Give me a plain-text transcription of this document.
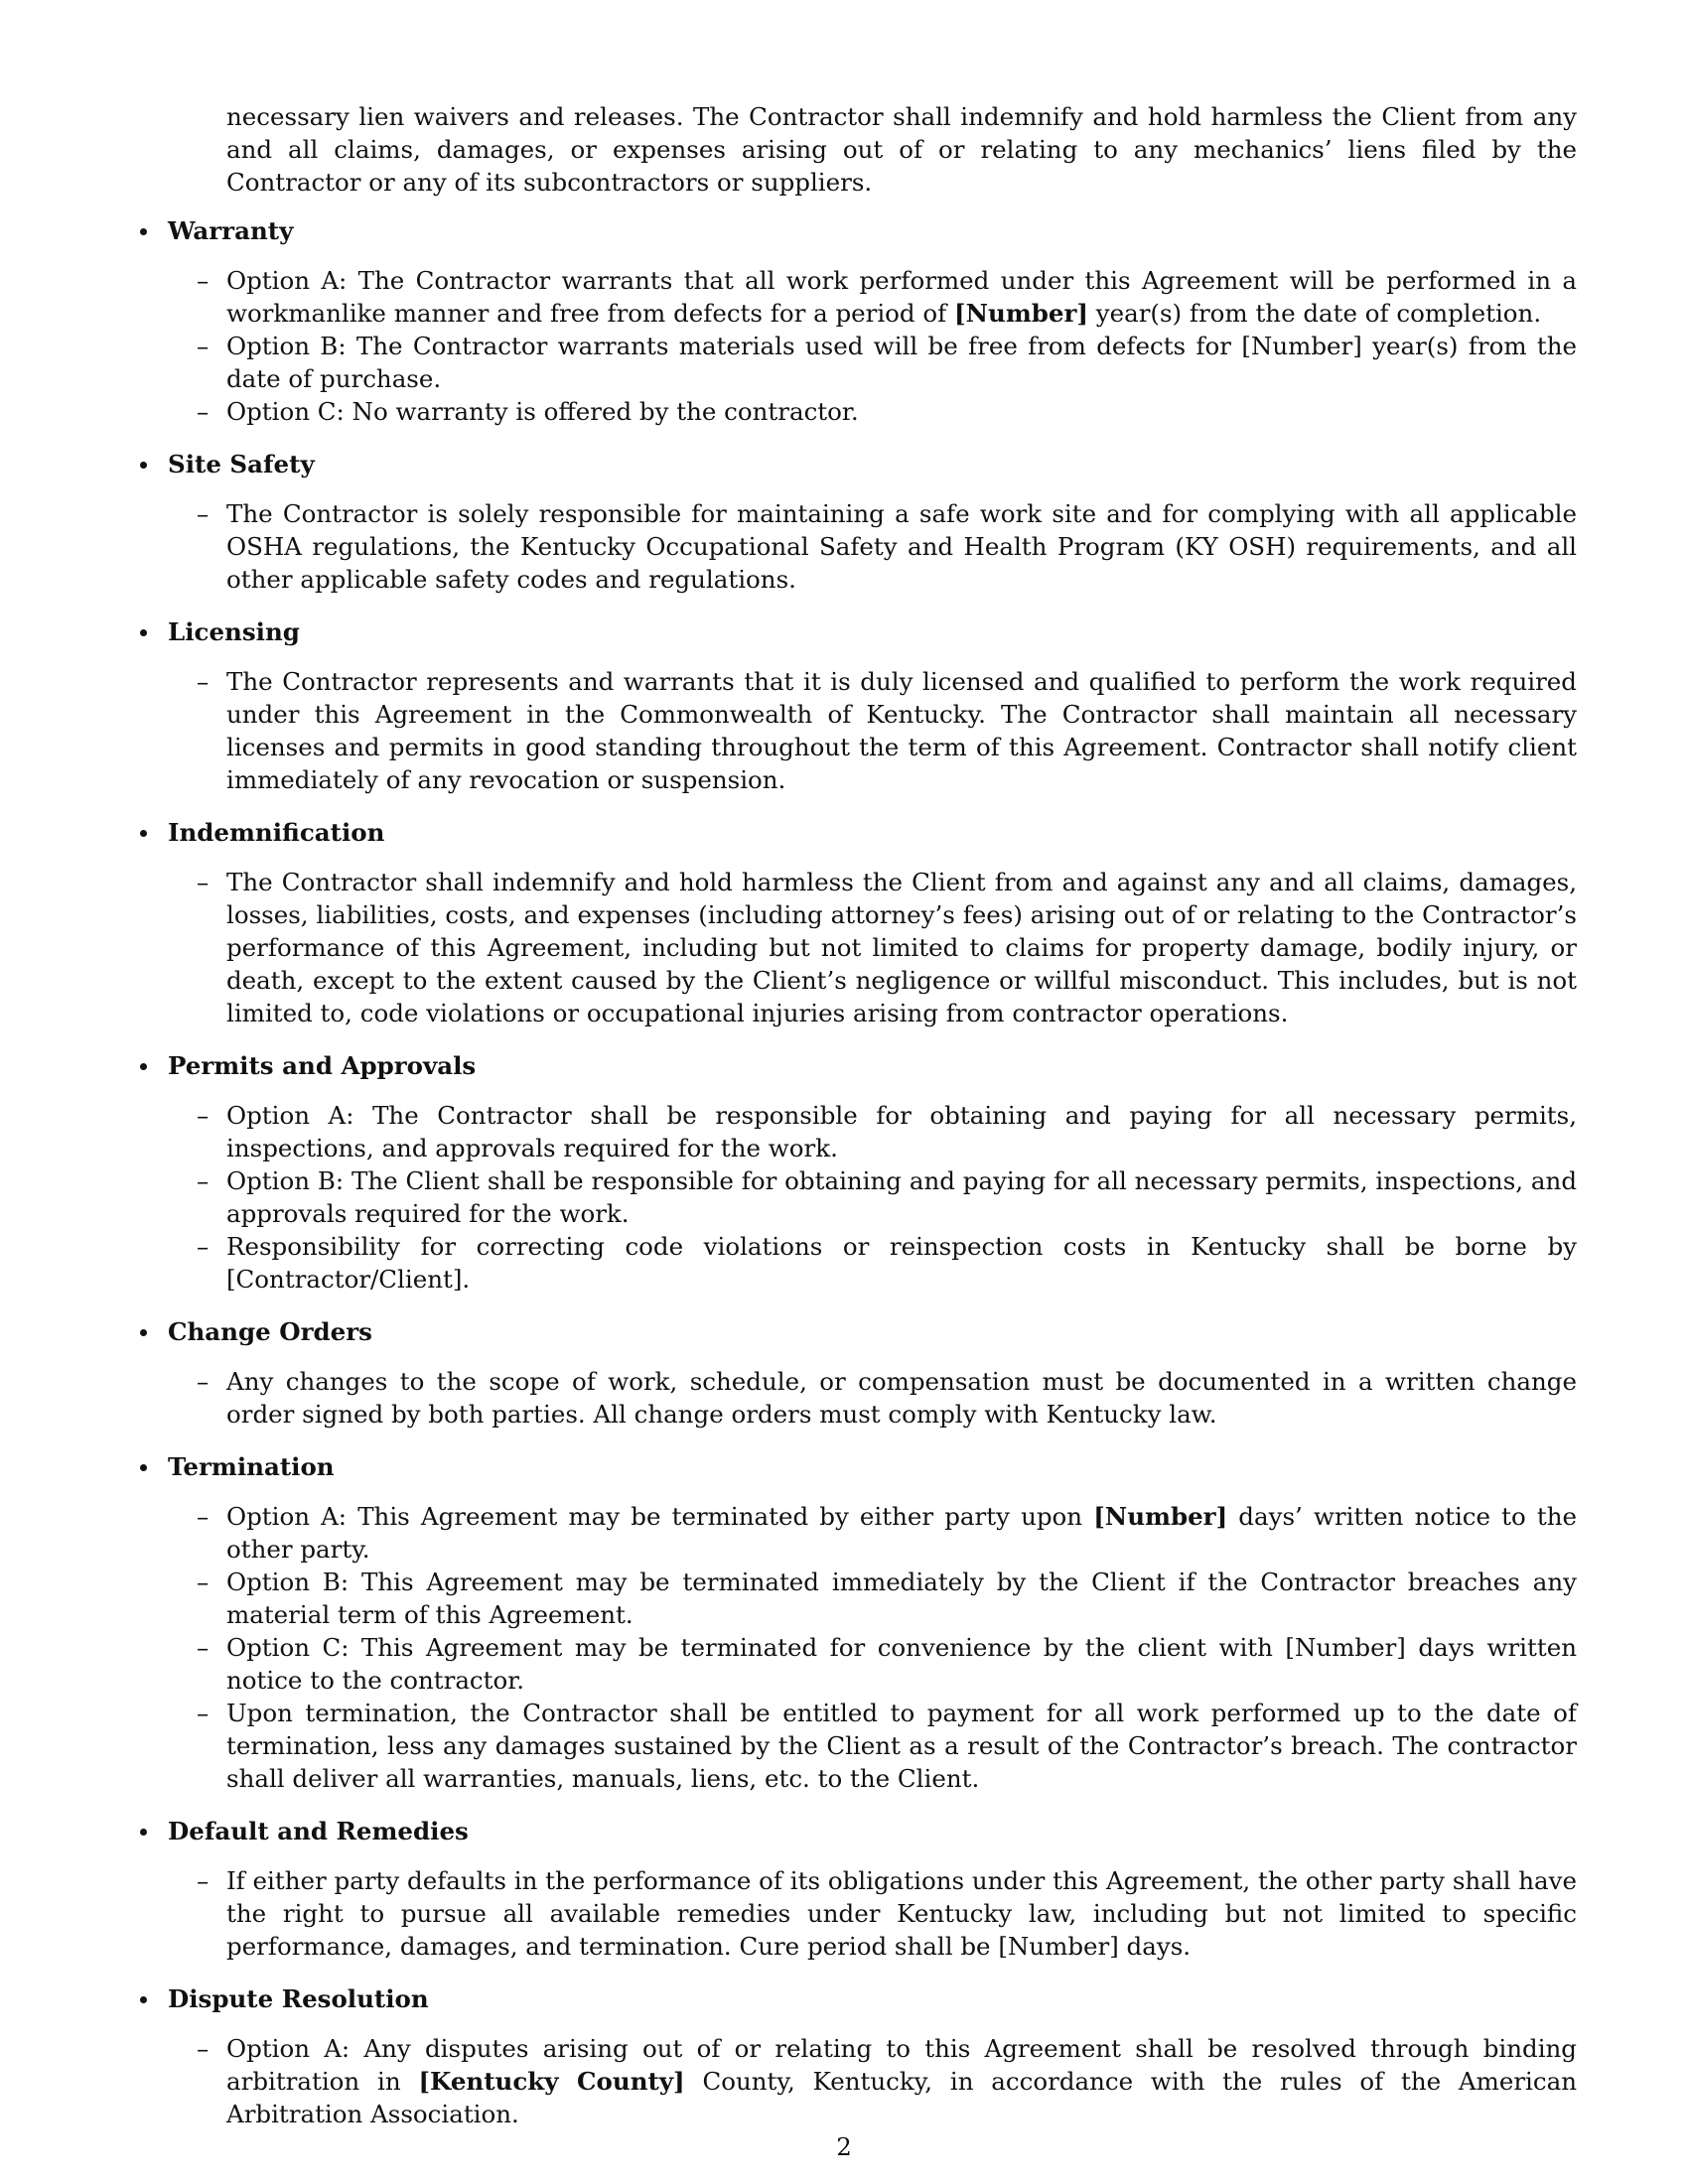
necessary lien waivers and releases. The Contractor shall indemnify and hold harmless the Client from any and all claims, damages, or expenses arising out of or relating to any mechanics’ liens filed by the Contractor or any of its subcontractors or suppliers.
Warranty

– Option A: The Contractor warrants that all work performed under this Agreement will be performed in a workmanlike manner and free from defects for a period of [Number] year(s) from the date of completion.

– Option B: The Contractor warrants materials used will be free from defects for [Number] year(s) from the date of purchase.

– Option C: No warranty is offered by the contractor.

Site Safety

– The Contractor is solely responsible for maintaining a safe work site and for complying with all applicable OSHA regulations, the Kentucky Occupational Safety and Health Program (KY OSH) requirements, and all other applicable safety codes and regulations.

Licensing

– The Contractor represents and warrants that it is duly licensed and qualified to perform the work required under this Agreement in the Commonwealth of Kentucky. The Contractor shall maintain all necessary licenses and permits in good standing throughout the term of this Agreement. Contractor shall notify client immediately of any revocation or suspension.

Indemnification

– The Contractor shall indemnify and hold harmless the Client from and against any and all claims, damages, losses, liabilities, costs, and expenses (including attorney’s fees) arising out of or relating to the Contractor’s performance of this Agreement, including but not limited to claims for property damage, bodily injury, or death, except to the extent caused by the Client’s negligence or willful misconduct. This includes, but is not limited to, code violations or occupational injuries arising from contractor operations.

Permits and Approvals

– Option A: The Contractor shall be responsible for obtaining and paying for all necessary permits, inspections, and approvals required for the work.

– Option B: The Client shall be responsible for obtaining and paying for all necessary permits, inspections, and approvals required for the work.

– Responsibility for correcting code violations or reinspection costs in Kentucky shall be borne by [Contractor/Client].

Change Orders

– Any changes to the scope of work, schedule, or compensation must be documented in a written change order signed by both parties. All change orders must comply with Kentucky law.

Termination

– Option A: This Agreement may be terminated by either party upon [Number] days’ written notice to the other party.

– Option B: This Agreement may be terminated immediately by the Client if the Contractor breaches any material term of this Agreement.

– Option C: This Agreement may be terminated for convenience by the client with [Number] days written notice to the contractor.

– Upon termination, the Contractor shall be entitled to payment for all work performed up to the date of termination, less any damages sustained by the Client as a result of the Contractor’s breach. The contractor shall deliver all warranties, manuals, liens, etc. to the Client.

Default and Remedies

– If either party defaults in the performance of its obligations under this Agreement, the other party shall have the right to pursue all available remedies under Kentucky law, including but not limited to specific performance, damages, and termination. Cure period shall be [Number] days.

Dispute Resolution

– Option A: Any disputes arising out of or relating to this Agreement shall be resolved through binding arbitration in [Kentucky County] County, Kentucky, in accordance with the rules of the American Arbitration Association.

2
